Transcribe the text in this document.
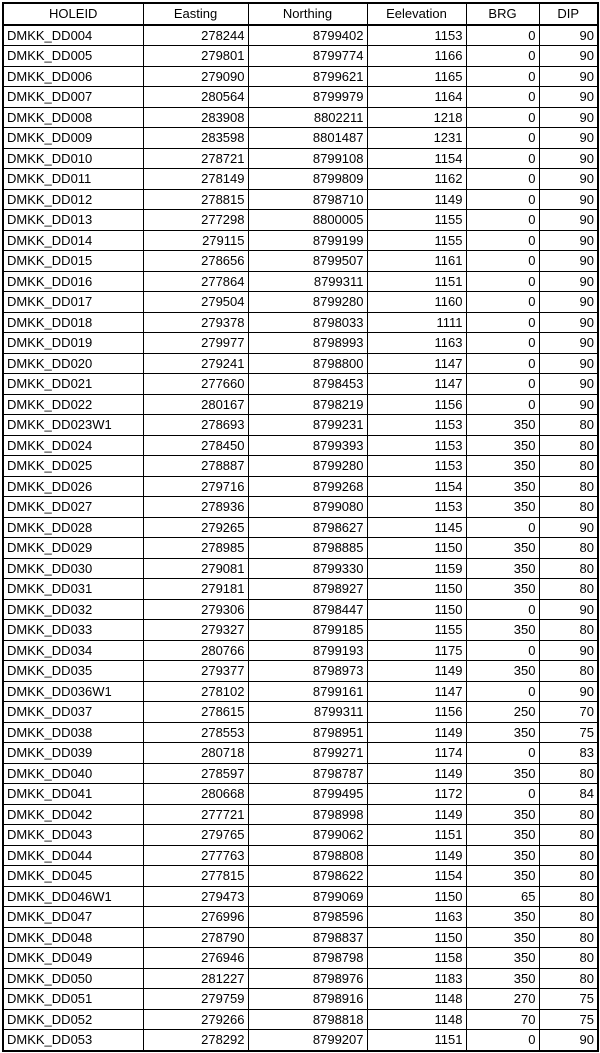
HOLEID	Easting	Northing	Eelevation	BRG	DIP
DMKK_DD004	278244	8799402	1153	0	90
DMKK_DD005	279801	8799774	1166	0	90
DMKK_DD006	279090	8799621	1165	0	90
DMKK_DD007	280564	8799979	1164	0	90
DMKK_DD008	283908	8802211	1218	0	90
DMKK_DD009	283598	8801487	1231	0	90
DMKK_DD010	278721	8799108	1154	0	90
DMKK_DD011	278149	8799809	1162	0	90
DMKK_DD012	278815	8798710	1149	0	90
DMKK_DD013	277298	8800005	1155	0	90
DMKK_DD014	279115	8799199	1155	0	90
DMKK_DD015	278656	8799507	1161	0	90
DMKK_DD016	277864	8799311	1151	0	90
DMKK_DD017	279504	8799280	1160	0	90
DMKK_DD018	279378	8798033	1111	0	90
DMKK_DD019	279977	8798993	1163	0	90
DMKK_DD020	279241	8798800	1147	0	90
DMKK_DD021	277660	8798453	1147	0	90
DMKK_DD022	280167	8798219	1156	0	90
DMKK_DD023W1	278693	8799231	1153	350	80
DMKK_DD024	278450	8799393	1153	350	80
DMKK_DD025	278887	8799280	1153	350	80
DMKK_DD026	279716	8799268	1154	350	80
DMKK_DD027	278936	8799080	1153	350	80
DMKK_DD028	279265	8798627	1145	0	90
DMKK_DD029	278985	8798885	1150	350	80
DMKK_DD030	279081	8799330	1159	350	80
DMKK_DD031	279181	8798927	1150	350	80
DMKK_DD032	279306	8798447	1150	0	90
DMKK_DD033	279327	8799185	1155	350	80
DMKK_DD034	280766	8799193	1175	0	90
DMKK_DD035	279377	8798973	1149	350	80
DMKK_DD036W1	278102	8799161	1147	0	90
DMKK_DD037	278615	8799311	1156	250	70
DMKK_DD038	278553	8798951	1149	350	75
DMKK_DD039	280718	8799271	1174	0	83
DMKK_DD040	278597	8798787	1149	350	80
DMKK_DD041	280668	8799495	1172	0	84
DMKK_DD042	277721	8798998	1149	350	80
DMKK_DD043	279765	8799062	1151	350	80
DMKK_DD044	277763	8798808	1149	350	80
DMKK_DD045	277815	8798622	1154	350	80
DMKK_DD046W1	279473	8799069	1150	65	80
DMKK_DD047	276996	8798596	1163	350	80
DMKK_DD048	278790	8798837	1150	350	80
DMKK_DD049	276946	8798798	1158	350	80
DMKK_DD050	281227	8798976	1183	350	80
DMKK_DD051	279759	8798916	1148	270	75
DMKK_DD052	279266	8798818	1148	70	75
DMKK_DD053	278292	8799207	1151	0	90
